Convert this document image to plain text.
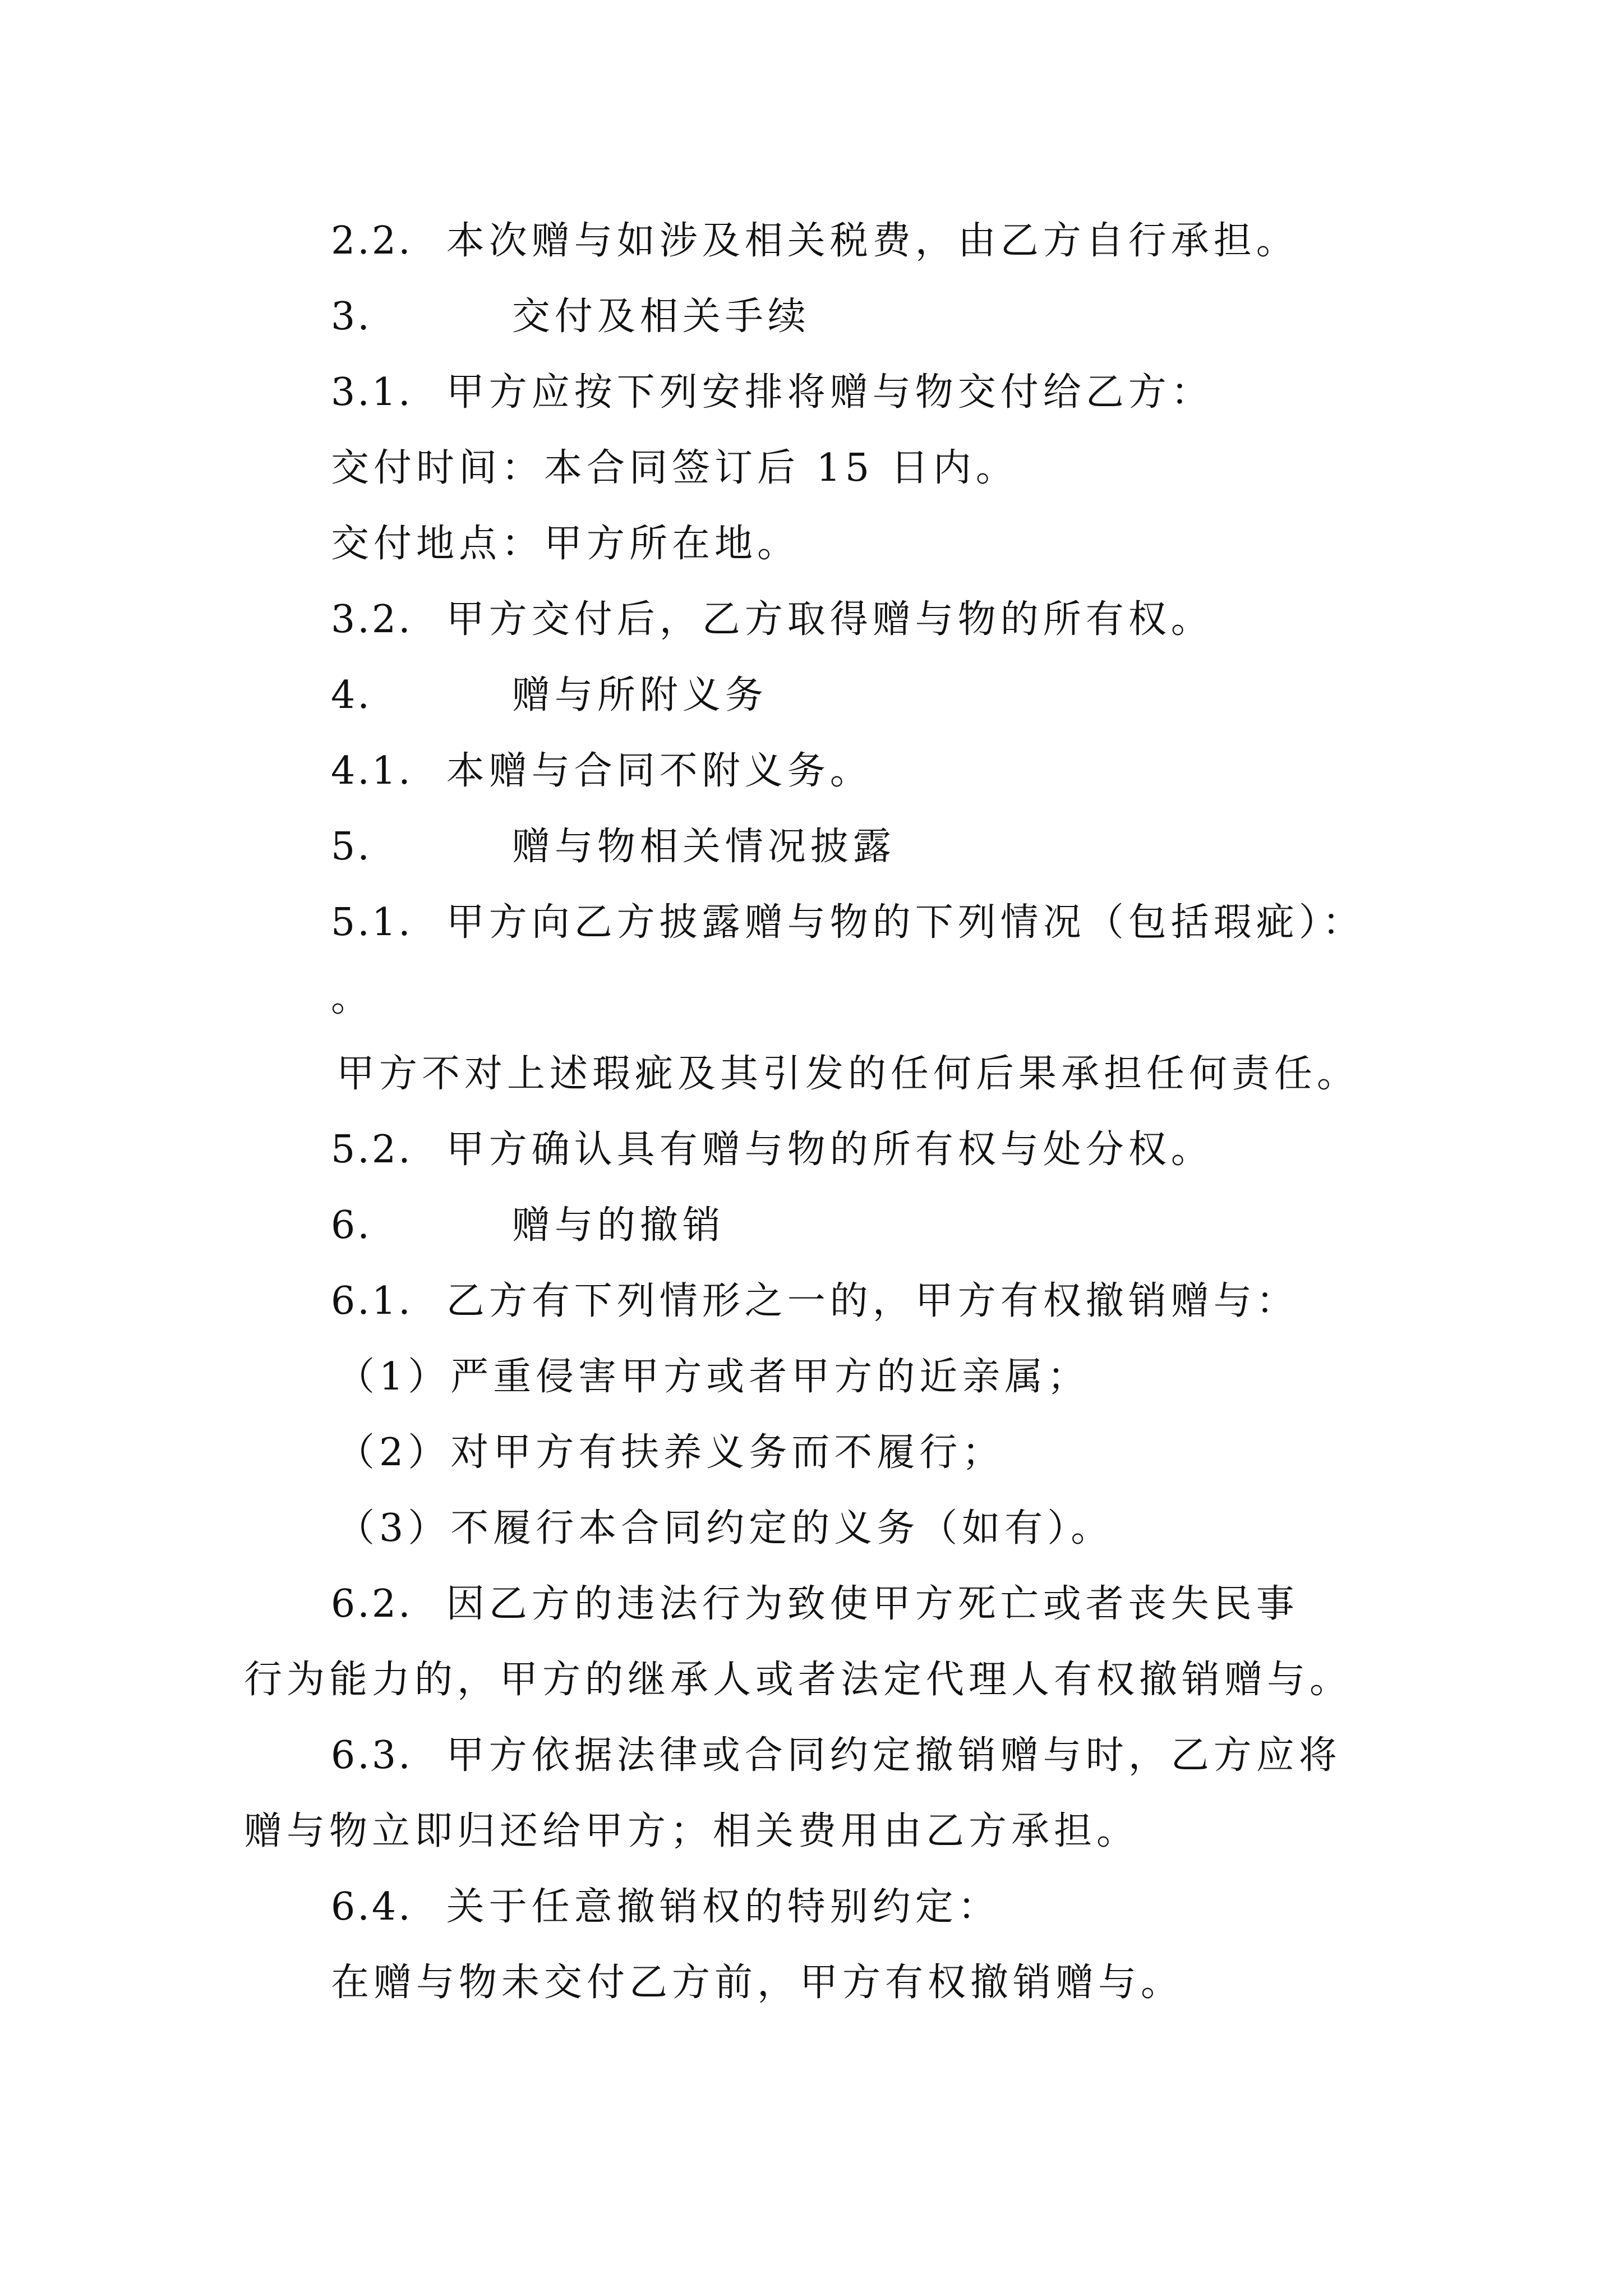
2.2. 本次赠与如涉及相关税费，由乙方自行承担。
3.	交付及相关手续
3.1. 甲方应按下列安排将赠与物交付给乙方：
交付时间：本合同签订后 15 日内。
交付地点：甲方所在地。
3.2. 甲方交付后，乙方取得赠与物的所有权。
4.	赠与所附义务
4.1. 本赠与合同不附义务。
5.	赠与物相关情况披露
5.1. 甲方向乙方披露赠与物的下列情况（包括瑕疵）：
。
甲方不对上述瑕疵及其引发的任何后果承担任何责任。
5.2. 甲方确认具有赠与物的所有权与处分权。
6.	赠与的撤销
6.1. 乙方有下列情形之一的，甲方有权撤销赠与：
（1）严重侵害甲方或者甲方的近亲属；
（2）对甲方有扶养义务而不履行；
（3）不履行本合同约定的义务（如有）。
6.2. 因乙方的违法行为致使甲方死亡或者丧失民事
行为能力的，甲方的继承人或者法定代理人有权撤销赠与。
6.3. 甲方依据法律或合同约定撤销赠与时，乙方应将
赠与物立即归还给甲方；相关费用由乙方承担。
6.4. 关于任意撤销权的特别约定：
在赠与物未交付乙方前，甲方有权撤销赠与。
